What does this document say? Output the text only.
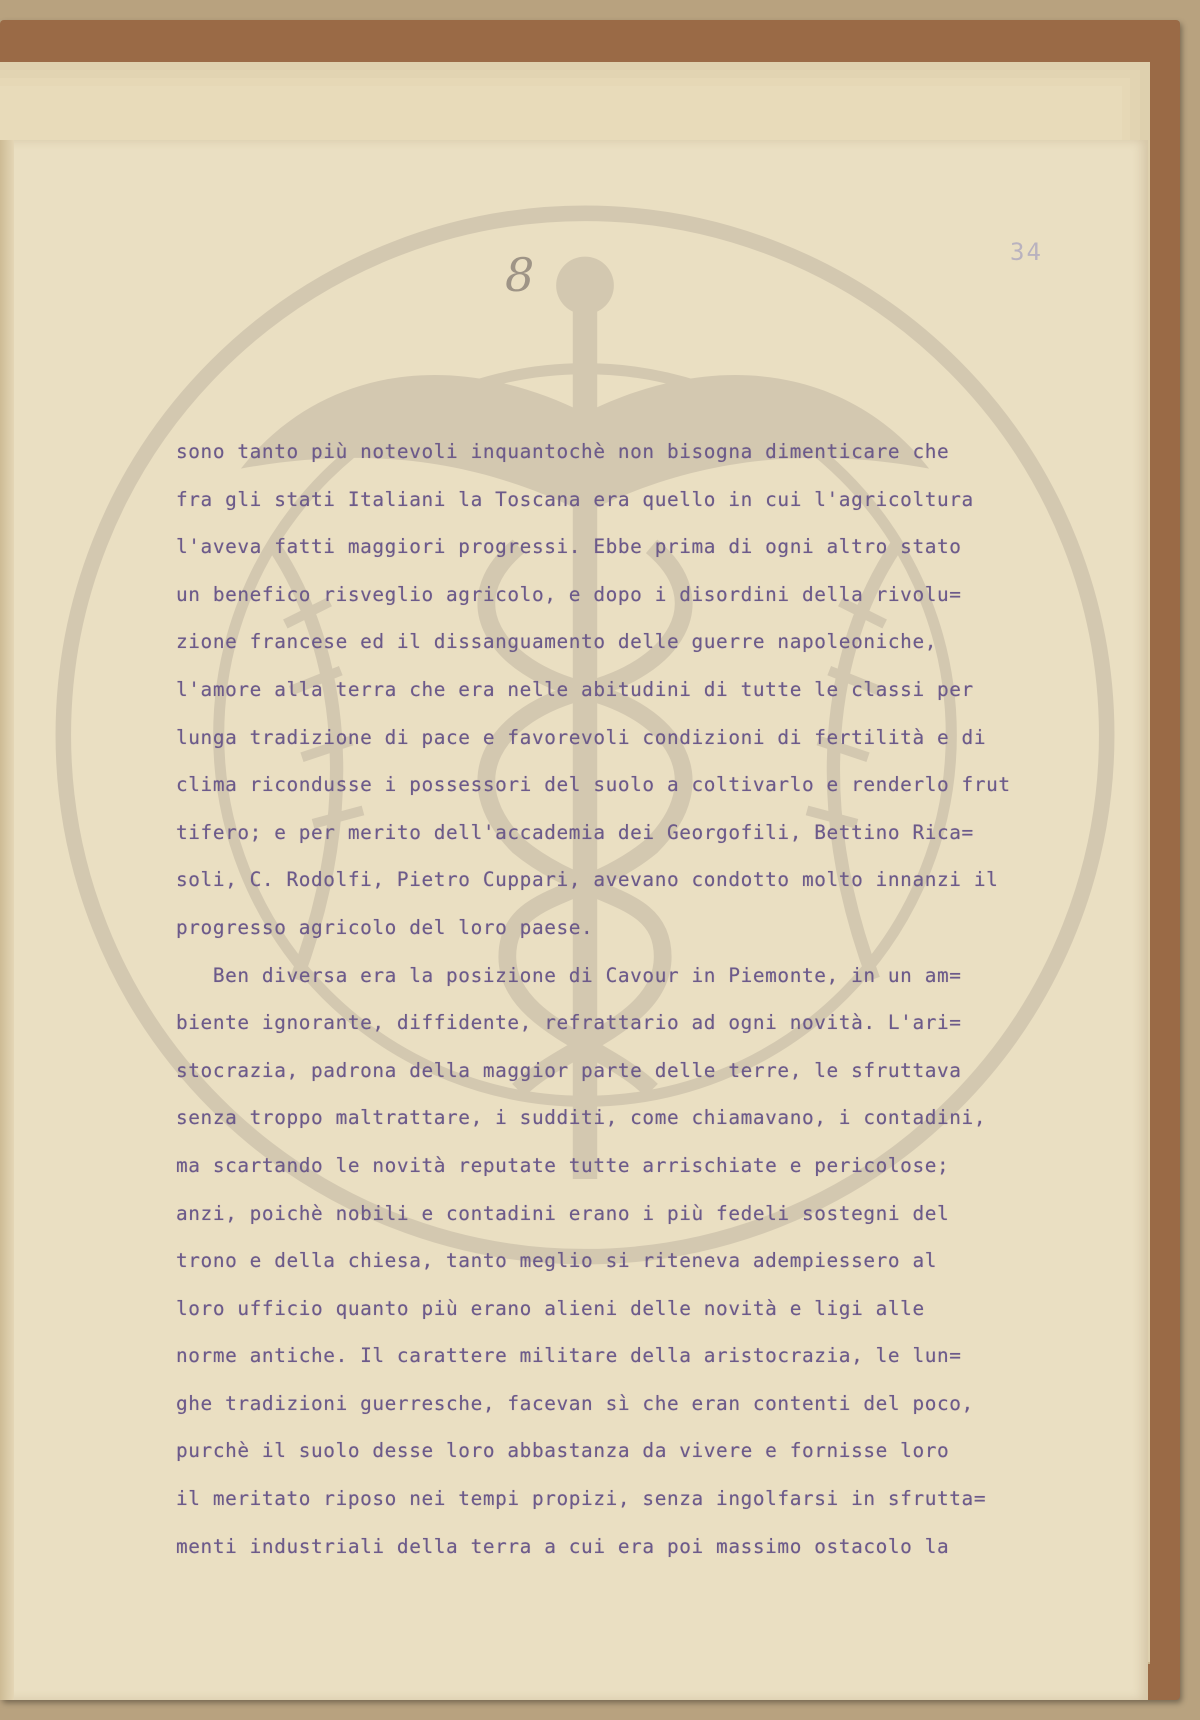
34
8
sono tanto più notevoli inquantochè non bisogna dimenticare che
fra gli stati Italiani la Toscana era quello in cui l'agricoltura
l'aveva fatti maggiori progressi. Ebbe prima di ogni altro stato
un benefico risveglio agricolo, e dopo i disordini della rivolu=
zione francese ed il dissanguamento delle guerre napoleoniche,
l'amore alla terra che era nelle abitudini di tutte le classi per
lunga tradizione di pace e favorevoli condizioni di fertilità e di
clima ricondusse i possessori del suolo a coltivarlo e renderlo frut
tifero; e per merito dell'accademia dei Georgofili, Bettino Rica=
soli, C. Rodolfi, Pietro Cuppari, avevano condotto molto innanzi il
progresso agricolo del loro paese.
Ben diversa era la posizione di Cavour in Piemonte, in un am=
biente ignorante, diffidente, refrattario ad ogni novità. L'ari=
stocrazia, padrona della maggior parte delle terre, le sfruttava
senza troppo maltrattare, i sudditi, come chiamavano, i contadini,
ma scartando le novità reputate tutte arrischiate e pericolose;
anzi, poichè nobili e contadini erano i più fedeli sostegni del
trono e della chiesa, tanto meglio si riteneva adempiessero al
loro ufficio quanto più erano alieni delle novità e ligi alle
norme antiche. Il carattere militare della aristocrazia, le lun=
ghe tradizioni guerresche, facevan sì che eran contenti del poco,
purchè il suolo desse loro abbastanza da vivere e fornisse loro
il meritato riposo nei tempi propizi, senza ingolfarsi in sfrutta=
menti industriali della terra a cui era poi massimo ostacolo la
